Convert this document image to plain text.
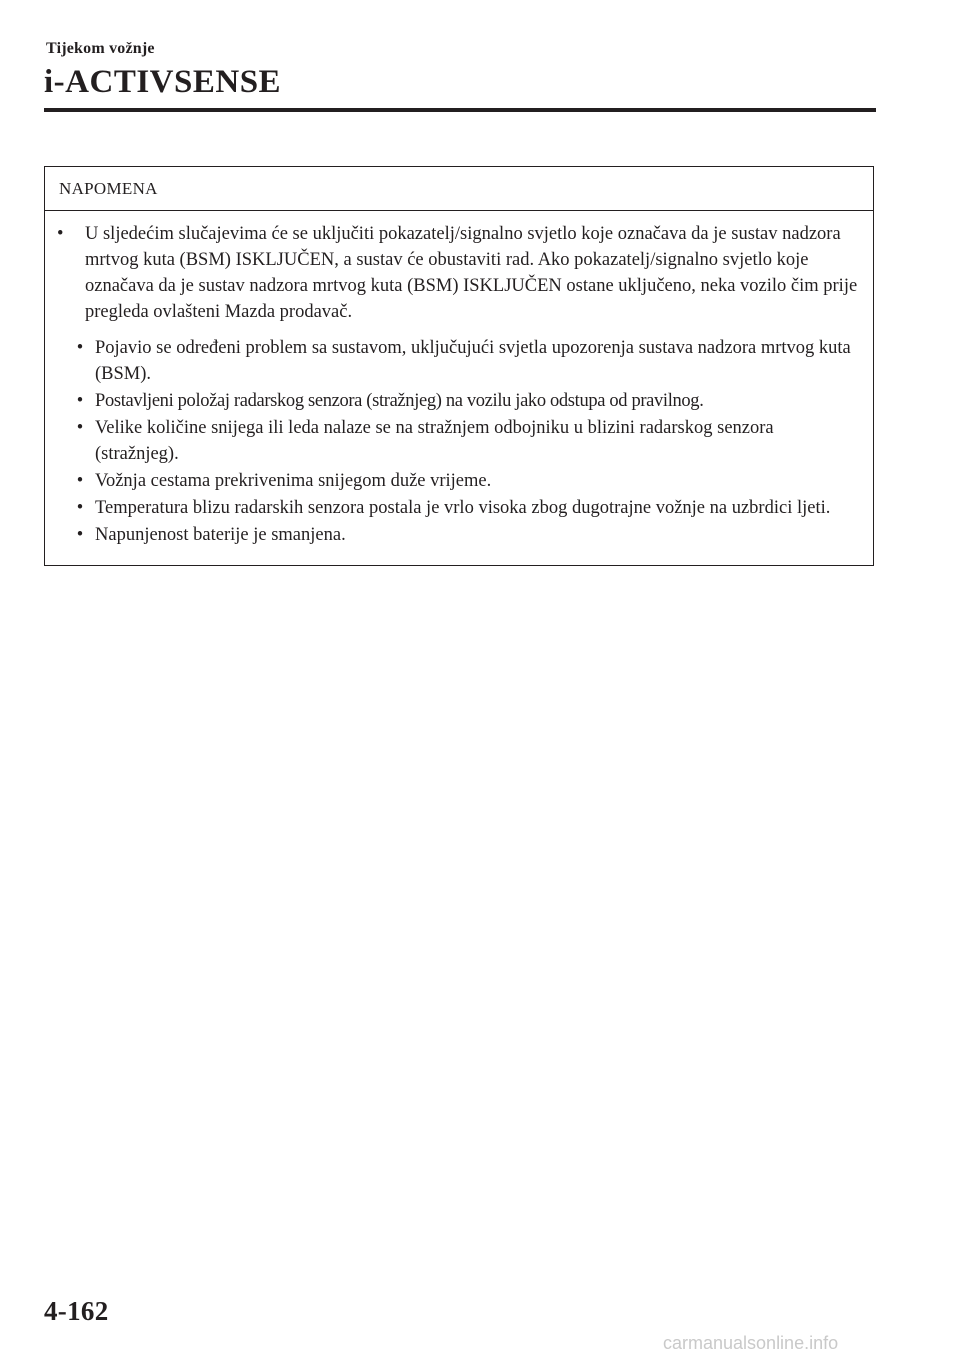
Tijekom vožnje
i-ACTIVSENSE
NAPOMENA
•	U sljedećim slučajevima će se uključiti pokazatelj/signalno svjetlo koje označava da je sustav nadzora mrtvog kuta (BSM) ISKLJUČEN, a sustav će obustaviti rad. Ako pokazatelj/signalno svjetlo koje označava da je sustav nadzora mrtvog kuta (BSM) ISKLJUČEN ostane uključeno, neka vozilo čim prije pregleda ovlašteni Mazda prodavač.
• Pojavio se određeni problem sa sustavom, uključujući svjetla upozorenja sustava nadzora mrtvog kuta (BSM).
• Postavljeni položaj radarskog senzora (stražnjeg) na vozilu jako odstupa od pravilnog.
• Velike količine snijega ili leda nalaze se na stražnjem odbojniku u blizini radarskog senzora (stražnjeg).
• Vožnja cestama prekrivenima snijegom duže vrijeme.
• Temperatura blizu radarskih senzora postala je vrlo visoka zbog dugotrajne vožnje na uzbrdici ljeti.
• Napunjenost baterije je smanjena.
4-162
carmanualsonline.info
